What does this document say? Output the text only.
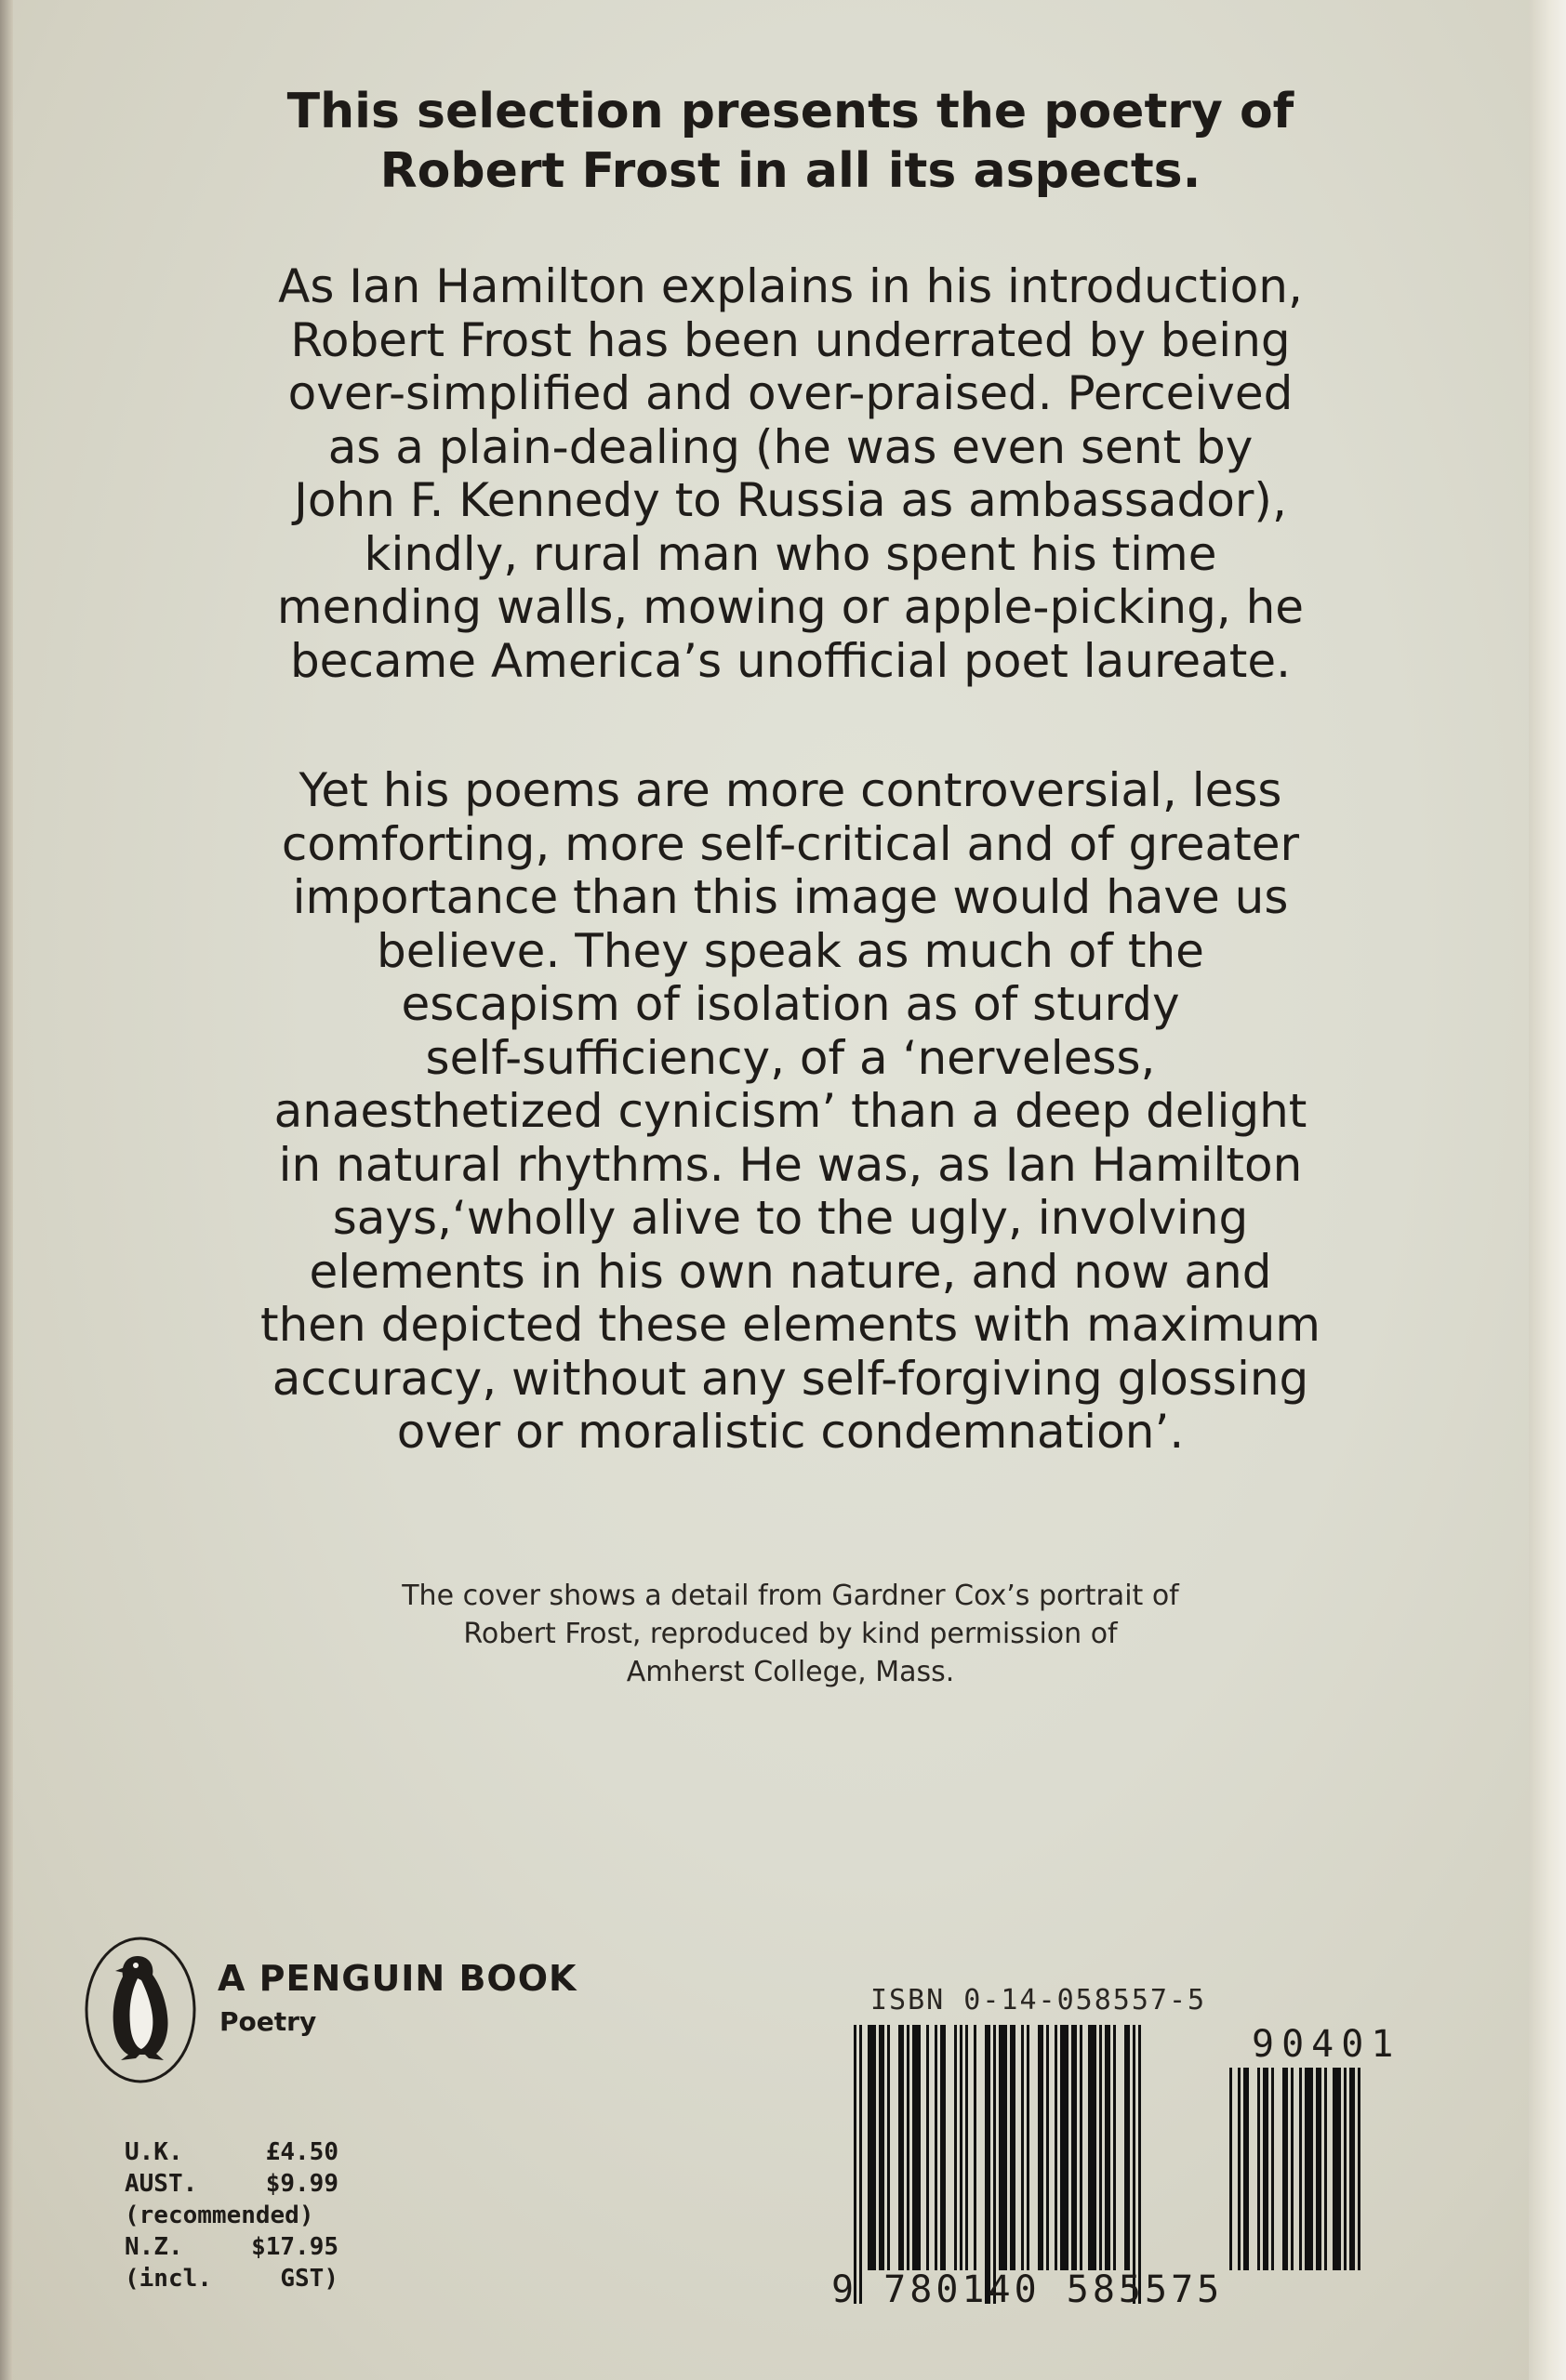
This selection presents the poetry of
Robert Frost in all its aspects.

As Ian Hamilton explains in his introduction,
Robert Frost has been underrated by being
over-simplified and over-praised. Perceived
as a plain-dealing (he was even sent by
John F. Kennedy to Russia as ambassador),
kindly, rural man who spent his time
mending walls, mowing or apple-picking, he
became America’s unofficial poet laureate.

Yet his poems are more controversial, less
comforting, more self-critical and of greater
importance than this image would have us
believe. They speak as much of the
escapism of isolation as of sturdy
self-sufficiency, of a ‘nerveless,
anaesthetized cynicism’ than a deep delight
in natural rhythms. He was, as Ian Hamilton
says,‘wholly alive to the ugly, involving
elements in his own nature, and now and
then depicted these elements with maximum
accuracy, without any self-forgiving glossing
over or moralistic condemnation’.

The cover shows a detail from Gardner Cox’s portrait of
Robert Frost, reproduced by kind permission of
Amherst College, Mass.

A PENGUIN BOOK

Poetry

U.K.	£4.50
AUST.	$9.99
(recommended)
N.Z.	$17.95
(incl.	GST)

ISBN 0-14-058557-5

90401

9 780140 585575
